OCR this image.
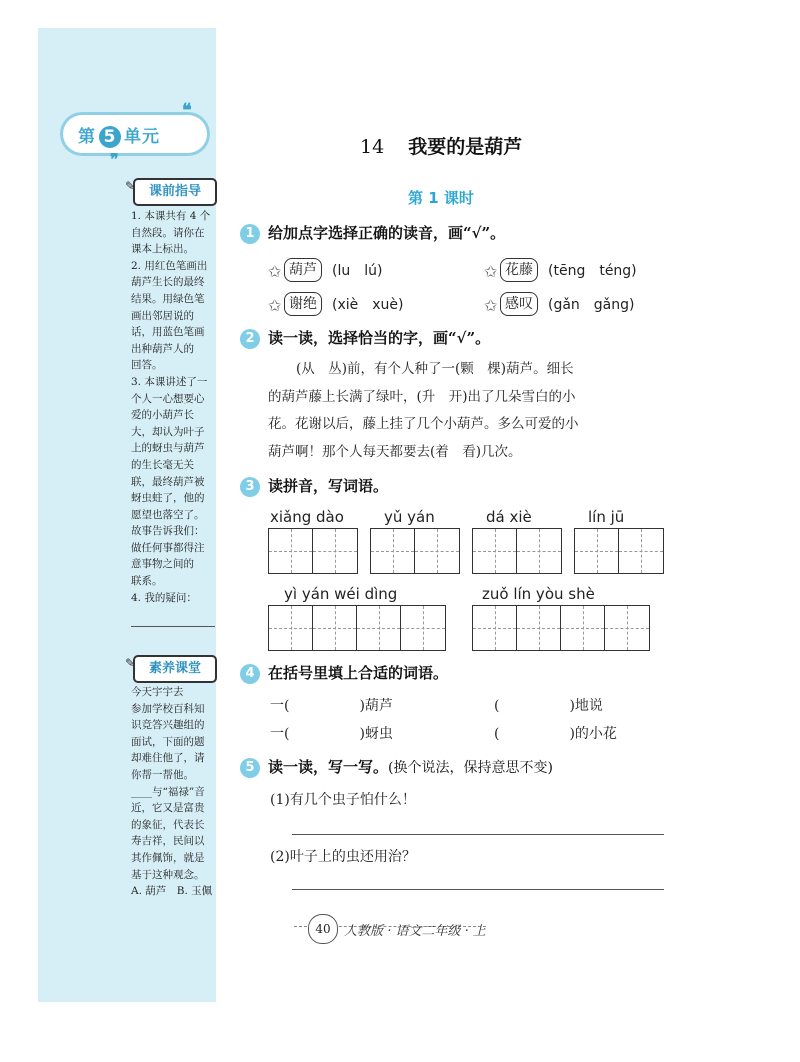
❝
❞
第 5 单元
✎ 课前指导
1. 本课共有 4 个
自然段。请你在
课本上标出。
2. 用红色笔画出
葫芦生长的最终
结果。用绿色笔
画出邻居说的
话，用蓝色笔画
出种葫芦人的
回答。
3. 本课讲述了一
个人一心想要心
爱的小葫芦长
大，却认为叶子
上的蚜虫与葫芦
的生长毫无关
联，最终葫芦被
蚜虫蛀了，他的
愿望也落空了。
故事告诉我们：
做任何事都得注
意事物之间的
联系。
4. 我的疑问：
✎ 素养课堂
今天宇宇去
参加学校百科知
识竞答兴趣组的
面试，下面的题
却难住他了，请
你帮一帮他。
____与“福禄”音
近，它又是富贵
的象征，代表长
寿吉祥，民间以
其作佩饰，就是
基于这种观念。
A. 葫芦　B. 玉佩
14 我要的是葫芦
第 1 课时
1 给加点字选择正确的读音，画“√”。
✩ 葫芦	(lu　lú)	✩ 花藤	(tēng　téng)
✩ 谢绝	(xiè　xuè)	✩ 感叹	(gǎn　gǎng)
2 读一读，选择恰当的字，画“√”。
(从　丛)前，有个人种了一(颗　棵)葫芦。细长
的葫芦藤上长满了绿叶，(升　开)出了几朵雪白的小
花。花谢以后，藤上挂了几个小葫芦。多么可爱的小
葫芦啊！那个人每天都要去(着　看)几次。
3 读拼音，写词语。
xiǎng dào	yǔ yán	dá xiè	lín jū
yì yán wéi dìng	zuǒ lín yòu shè
4 在括号里填上合适的词语。
一(　　　　　)葫芦	(　　　　　)地说
一(　　　　　)蚜虫	(　　　　　)的小花
5 读一读，写一写。(换个说法，保持意思不变)
(1)有几个虫子怕什么！
(2)叶子上的虫还用治？
40	人教版 · 语文二年级 · 上
